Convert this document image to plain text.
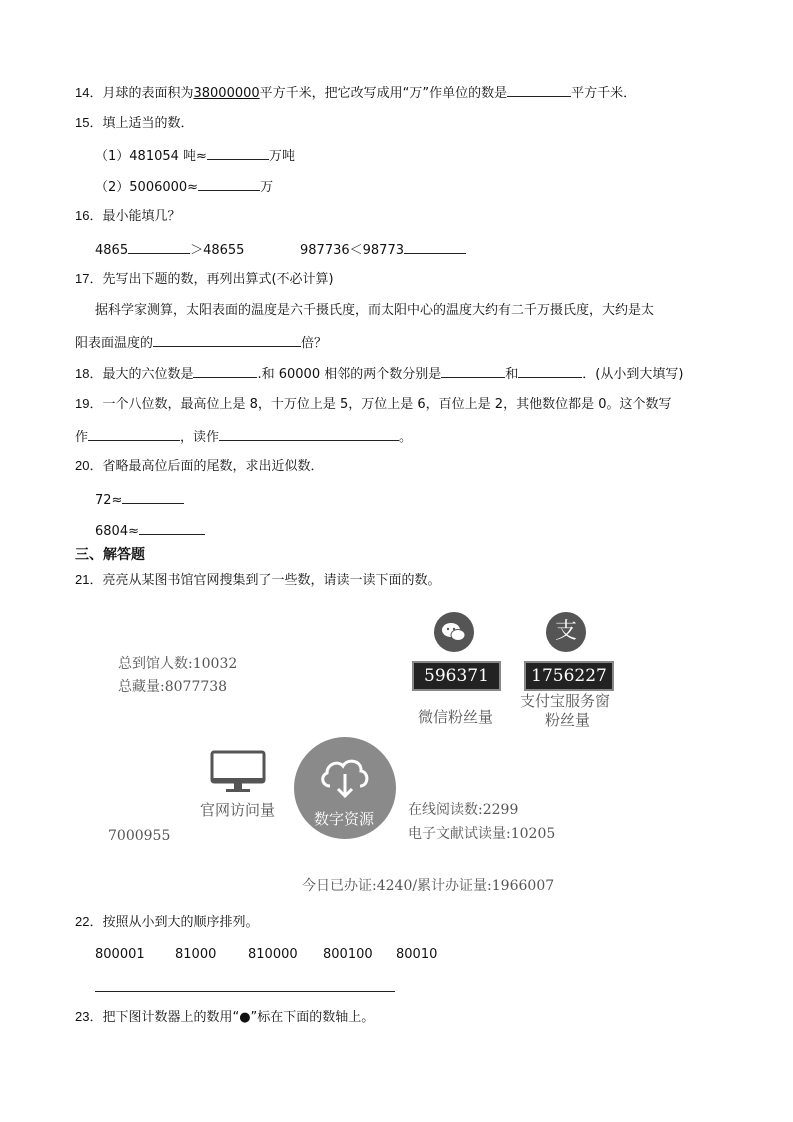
14．月球的表面积为38000000平方千米，把它改写成用“万”作单位的数是	平方千米．
15．填上适当的数．
（1）481054 吨≈	万吨
（2）5006000≈	万
16．最小能填几？
4865	＞48655	987736＜98773
17．先写出下题的数，再列出算式(不必计算)
据科学家测算，太阳表面的温度是六千摄氏度，而太阳中心的温度大约有二千万摄氏度，大约是太
阳表面温度的	倍？
18．最大的六位数是	.和 60000 相邻的两个数分别是	和	．(从小到大填写)
19．一个八位数，最高位上是 8，十万位上是 5，万位上是 6，百位上是 2，其他数位都是 0。这个数写
作	，读作	。
20．省略最高位后面的尾数，求出近似数．
72≈
6804≈
三、解答题
21．亮亮从某图书馆官网搜集到了一些数，请读一读下面的数。
总到馆人数:10032
总藏量:8077738
596371
微信粉丝量
支
1756227
支付宝服务窗
粉丝量
官网访问量
7000955
数字资源 在线阅读数:2299
电子文献试读量:10205
今日已办证:4240/累计办证量:1966007
22．按照从小到大的顺序排列。
800001 81000 810000 800100 80010
23．把下图计数器上的数用“●”标在下面的数轴上。
